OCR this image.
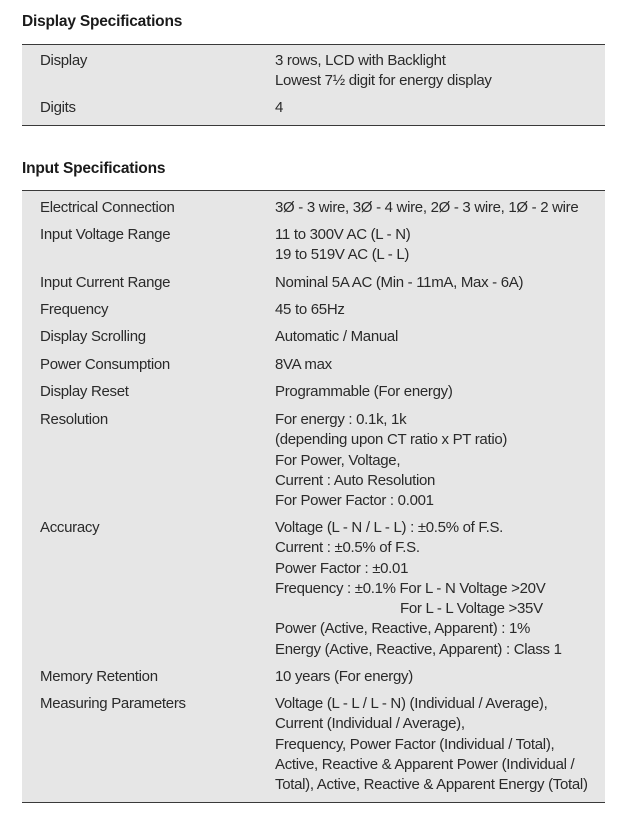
Display Specifications
Display	3 rows, LCD with Backlight
Lowest 7½ digit for energy display
Digits	4
Input Specifications
Electrical Connection	3Ø - 3 wire, 3Ø - 4 wire, 2Ø - 3 wire, 1Ø - 2 wire
Input Voltage Range	11 to 300V AC (L - N)
19 to 519V AC (L - L)
Input Current Range	Nominal 5A AC (Min - 11mA, Max - 6A)
Frequency	45 to 65Hz
Display Scrolling	Automatic / Manual
Power Consumption	8VA max
Display Reset	Programmable (For energy)
Resolution	For energy : 0.1k, 1k
(depending upon CT ratio x PT ratio)
For Power, Voltage,
Current : Auto Resolution
For Power Factor : 0.001
Accuracy	Voltage (L - N / L - L) : ±0.5% of F.S.
Current : ±0.5% of F.S.
Power Factor : ±0.01
Frequency : ±0.1% For L - N Voltage >20V
For L - L Voltage >35V
Power (Active, Reactive, Apparent) : 1%
Energy (Active, Reactive, Apparent) : Class 1
Memory Retention	10 years (For energy)
Measuring Parameters	Voltage (L - L / L - N) (Individual / Average),
Current (Individual / Average),
Frequency, Power Factor (Individual / Total),
Active, Reactive & Apparent Power (Individual /
Total), Active, Reactive & Apparent Energy (Total)
